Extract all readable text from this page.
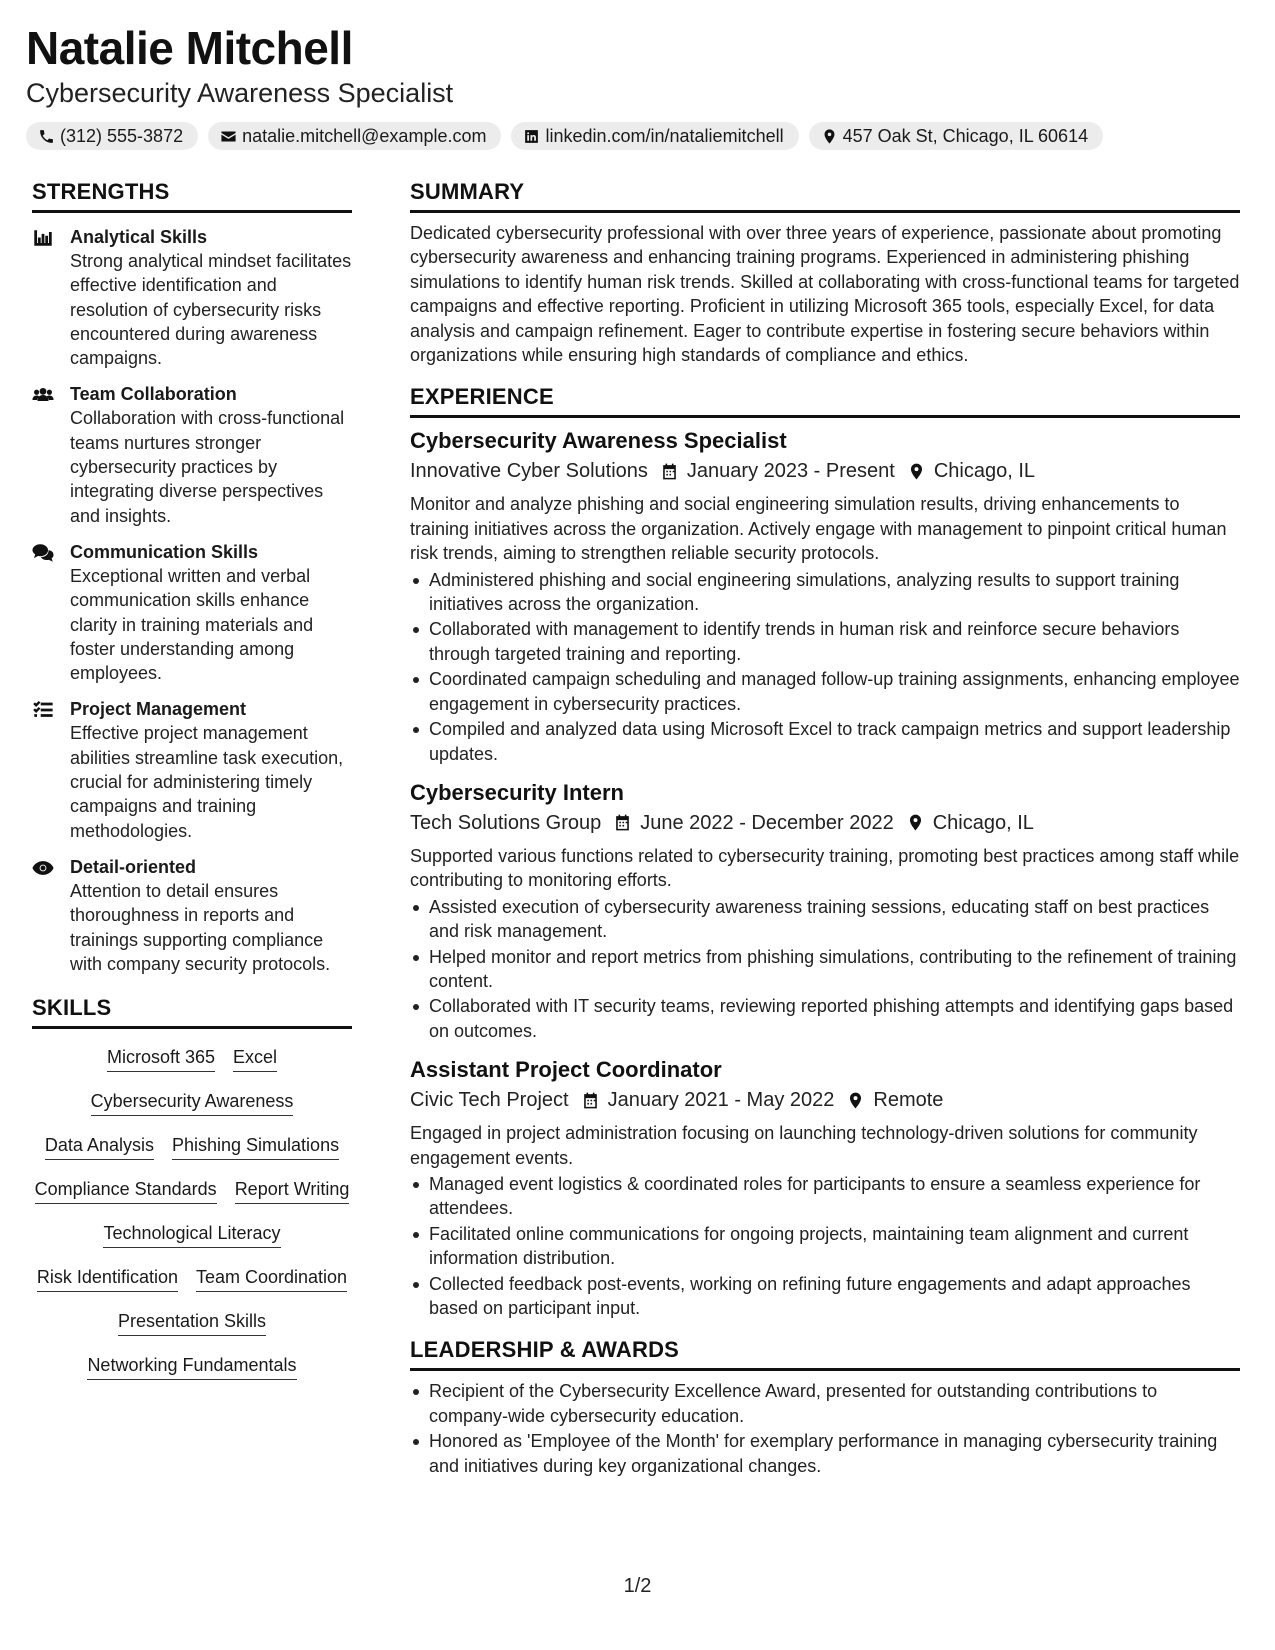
Natalie Mitchell
Cybersecurity Awareness Specialist
(312) 555-3872	natalie.mitchell@example.com	linkedin.com/in/nataliemitchell	457 Oak St, Chicago, IL 60614
STRENGTHS
Analytical Skills
Strong analytical mindset facilitates effective identification and resolution of cybersecurity risks encountered during awareness campaigns.
Team Collaboration
Collaboration with cross-functional teams nurtures stronger cybersecurity practices by integrating diverse perspectives and insights.
Communication Skills
Exceptional written and verbal communication skills enhance clarity in training materials and foster understanding among employees.
Project Management
Effective project management abilities streamline task execution, crucial for administering timely campaigns and training methodologies.
Detail-oriented
Attention to detail ensures thoroughness in reports and trainings supporting compliance with company security protocols.
SKILLS
Microsoft 365 Excel
Cybersecurity Awareness
Data Analysis Phishing Simulations
Compliance Standards Report Writing
Technological Literacy
Risk Identification Team Coordination
Presentation Skills
Networking Fundamentals
SUMMARY
Dedicated cybersecurity professional with over three years of experience, passionate about promoting cybersecurity awareness and enhancing training programs. Experienced in administering phishing simulations to identify human risk trends. Skilled at collaborating with cross-functional teams for targeted campaigns and effective reporting. Proficient in utilizing Microsoft 365 tools, especially Excel, for data analysis and campaign refinement. Eager to contribute expertise in fostering secure behaviors within organizations while ensuring high standards of compliance and ethics.
EXPERIENCE
Cybersecurity Awareness Specialist
Innovative Cyber Solutions January 2023 - Present Chicago, IL
Monitor and analyze phishing and social engineering simulation results, driving enhancements to training initiatives across the organization. Actively engage with management to pinpoint critical human risk trends, aiming to strengthen reliable security protocols.
Administered phishing and social engineering simulations, analyzing results to support training initiatives across the organization.
Collaborated with management to identify trends in human risk and reinforce secure behaviors through targeted training and reporting.
Coordinated campaign scheduling and managed follow-up training assignments, enhancing employee engagement in cybersecurity practices.
Compiled and analyzed data using Microsoft Excel to track campaign metrics and support leadership updates.
Cybersecurity Intern
Tech Solutions Group June 2022 - December 2022 Chicago, IL
Supported various functions related to cybersecurity training, promoting best practices among staff while contributing to monitoring efforts.
Assisted execution of cybersecurity awareness training sessions, educating staff on best practices and risk management.
Helped monitor and report metrics from phishing simulations, contributing to the refinement of training content.
Collaborated with IT security teams, reviewing reported phishing attempts and identifying gaps based on outcomes.
Assistant Project Coordinator
Civic Tech Project January 2021 - May 2022 Remote
Engaged in project administration focusing on launching technology-driven solutions for community engagement events.
Managed event logistics & coordinated roles for participants to ensure a seamless experience for attendees.
Facilitated online communications for ongoing projects, maintaining team alignment and current information distribution.
Collected feedback post-events, working on refining future engagements and adapt approaches based on participant input.
LEADERSHIP & AWARDS
Recipient of the Cybersecurity Excellence Award, presented for outstanding contributions to company-wide cybersecurity education.
Honored as 'Employee of the Month' for exemplary performance in managing cybersecurity training and initiatives during key organizational changes.
1/2
